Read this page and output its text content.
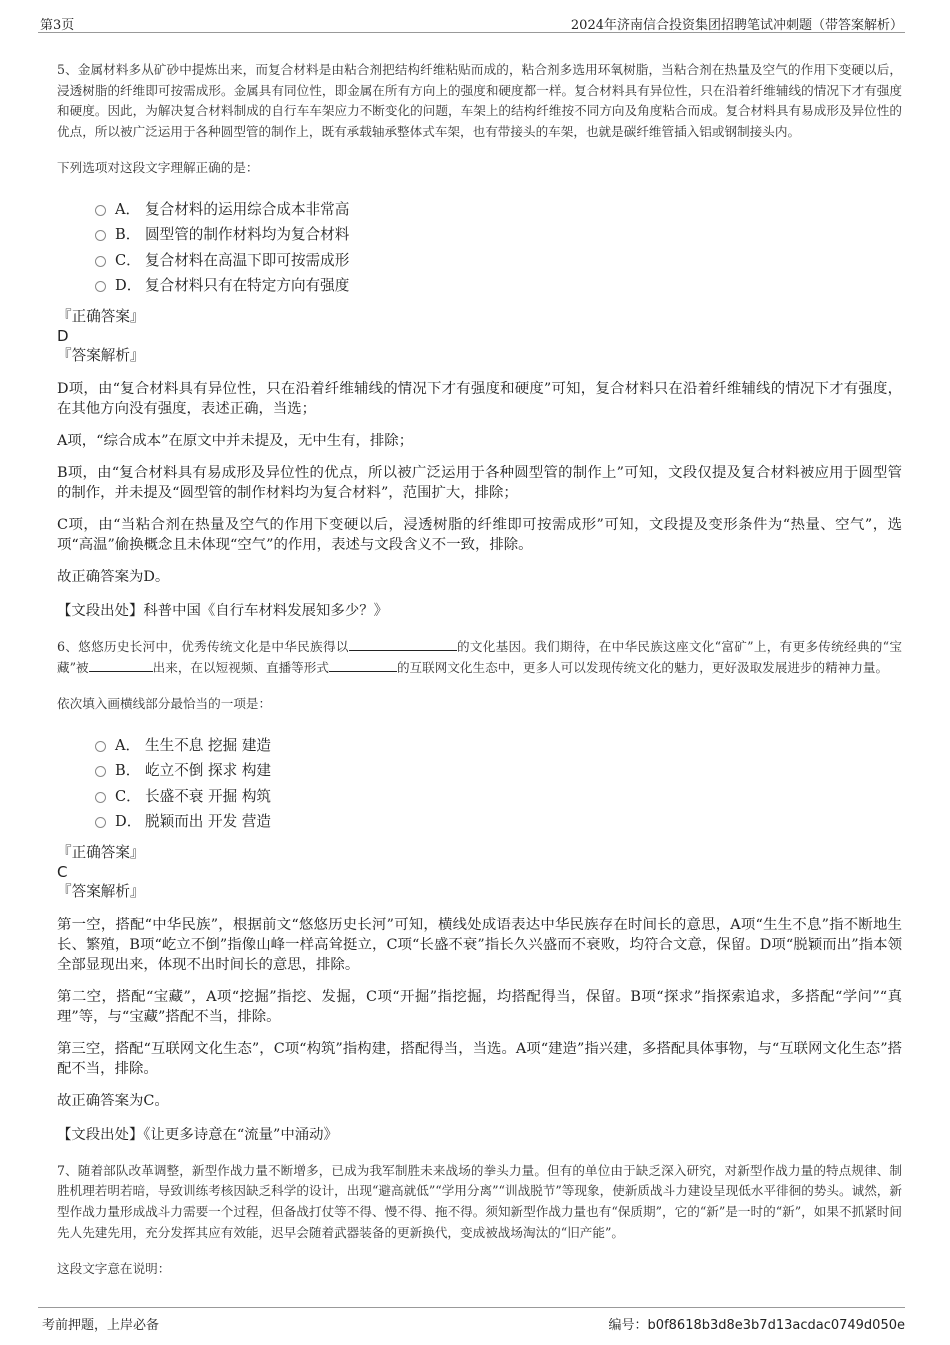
第3页	2024年济南信合投资集团招聘笔试冲刺题（带答案解析）

5、金属材料多从矿砂中提炼出来，而复合材料是由粘合剂把结构纤维粘贴而成的，粘合剂多选用环氧树脂，当粘合剂在热量及空气的作用下变硬以后，浸透树脂的纤维即可按需成形。金属具有同位性，即金属在所有方向上的强度和硬度都一样。复合材料具有异位性，只在沿着纤维辅线的情况下才有强度和硬度。因此，为解决复合材料制成的自行车车架应力不断变化的问题，车架上的结构纤维按不同方向及角度粘合而成。复合材料具有易成形及异位性的优点，所以被广泛运用于各种圆型管的制作上，既有承载轴承整体式车架，也有带接头的车架，也就是碳纤维管插入铝或钢制接头内。

下列选项对这段文字理解正确的是：

A． 复合材料的运用综合成本非常高
B． 圆型管的制作材料均为复合材料
C． 复合材料在高温下即可按需成形
D． 复合材料只有在特定方向有强度

『正确答案』

D

『答案解析』

D项，由“复合材料具有异位性，只在沿着纤维辅线的情况下才有强度和硬度”可知，复合材料只在沿着纤维辅线的情况下才有强度，在其他方向没有强度，表述正确，当选；

A项，“综合成本”在原文中并未提及，无中生有，排除；

B项，由“复合材料具有易成形及异位性的优点，所以被广泛运用于各种圆型管的制作上”可知，文段仅提及复合材料被应用于圆型管的制作，并未提及“圆型管的制作材料均为复合材料”，范围扩大，排除；

C项，由“当粘合剂在热量及空气的作用下变硬以后，浸透树脂的纤维即可按需成形”可知，文段提及变形条件为“热量、空气”，选项“高温”偷换概念且未体现“空气”的作用，表述与文段含义不一致，排除。

故正确答案为D。

【文段出处】科普中国《自行车材料发展知多少？》

6、悠悠历史长河中，优秀传统文化是中华民族得以	的文化基因。我们期待，在中华民族这座文化“富矿”上，有更多传统经典的“宝藏”被	出来，在以短视频、直播等形式	的互联网文化生态中，更多人可以发现传统文化的魅力，更好汲取发展进步的精神力量。

依次填入画横线部分最恰当的一项是：

A． 生生不息 挖掘 建造
B． 屹立不倒 探求 构建
C． 长盛不衰 开掘 构筑
D． 脱颖而出 开发 营造

『正确答案』

C

『答案解析』

第一空，搭配“中华民族”，根据前文“悠悠历史长河”可知，横线处成语表达中华民族存在时间长的意思，A项“生生不息”指不断地生长、繁殖，B项“屹立不倒”指像山峰一样高耸挺立，C项“长盛不衰”指长久兴盛而不衰败，均符合文意，保留。D项“脱颖而出”指本领全部显现出来，体现不出时间长的意思，排除。

第二空，搭配“宝藏”，A项“挖掘”指挖、发掘，C项“开掘”指挖掘，均搭配得当，保留。B项“探求”指探索追求，多搭配“学问”“真理”等，与“宝藏”搭配不当，排除。

第三空，搭配“互联网文化生态”，C项“构筑”指构建，搭配得当，当选。A项“建造”指兴建，多搭配具体事物，与“互联网文化生态”搭配不当，排除。

故正确答案为C。

【文段出处】《让更多诗意在“流量”中涌动》

7、随着部队改革调整，新型作战力量不断增多，已成为我军制胜未来战场的拳头力量。但有的单位由于缺乏深入研究，对新型作战力量的特点规律、制胜机理若明若暗，导致训练考核因缺乏科学的设计，出现“避高就低”“学用分离”“训战脱节”等现象，使新质战斗力建设呈现低水平徘徊的势头。诚然，新型作战力量形成战斗力需要一个过程，但备战打仗等不得、慢不得、拖不得。须知新型作战力量也有“保质期”，它的“新”是一时的“新”，如果不抓紧时间先人先建先用，充分发挥其应有效能，迟早会随着武器装备的更新换代，变成被战场淘汰的“旧产能”。

这段文字意在说明：

考前押题，上岸必备	编号：b0f8618b3d8e3b7d13acdac0749d050e
